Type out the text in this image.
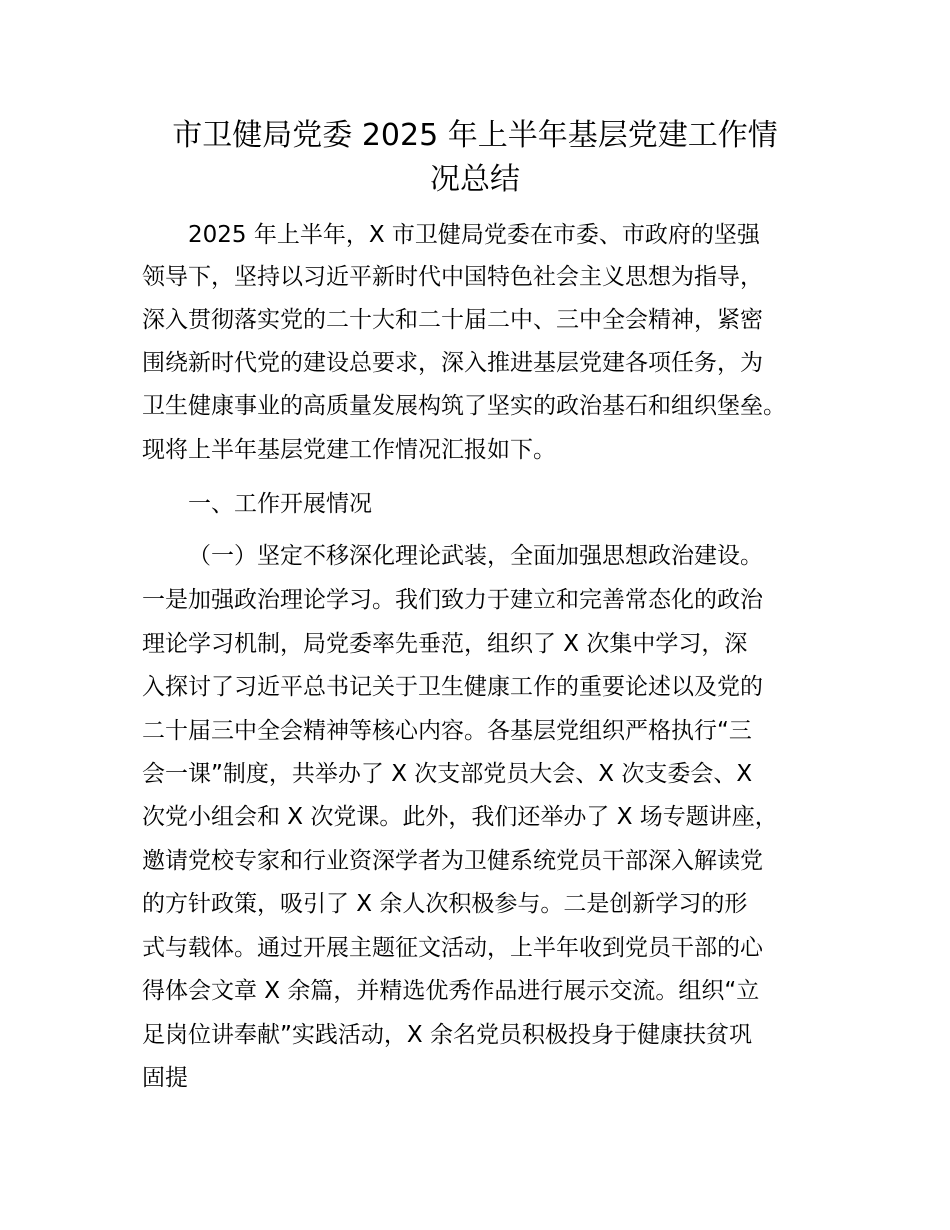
市卫健局党委 2025 年上半年基层党建工作情
况总结

2025 年上半年，X 市卫健局党委在市委、市政府的坚强

领导下，坚持以习近平新时代中国特色社会主义思想为指导，

深入贯彻落实党的二十大和二十届二中、三中全会精神，紧密

围绕新时代党的建设总要求，深入推进基层党建各项任务，为

卫生健康事业的高质量发展构筑了坚实的政治基石和组织堡垒。

现将上半年基层党建工作情况汇报如下。

一、工作开展情况

（一）坚定不移深化理论武装，全面加强思想政治建设。

一是加强政治理论学习。我们致力于建立和完善常态化的政治

理论学习机制，局党委率先垂范，组织了 X 次集中学习，深

入探讨了习近平总书记关于卫生健康工作的重要论述以及党的

二十届三中全会精神等核心内容。各基层党组织严格执行“三

会一课”制度，共举办了 X 次支部党员大会、X 次支委会、X

次党小组会和 X 次党课。此外，我们还举办了 X 场专题讲座，

邀请党校专家和行业资深学者为卫健系统党员干部深入解读党

的方针政策，吸引了 X 余人次积极参与。二是创新学习的形

式与载体。通过开展主题征文活动，上半年收到党员干部的心

得体会文章 X 余篇，并精选优秀作品进行展示交流。组织“立

足岗位讲奉献”实践活动，X 余名党员积极投身于健康扶贫巩

固提
